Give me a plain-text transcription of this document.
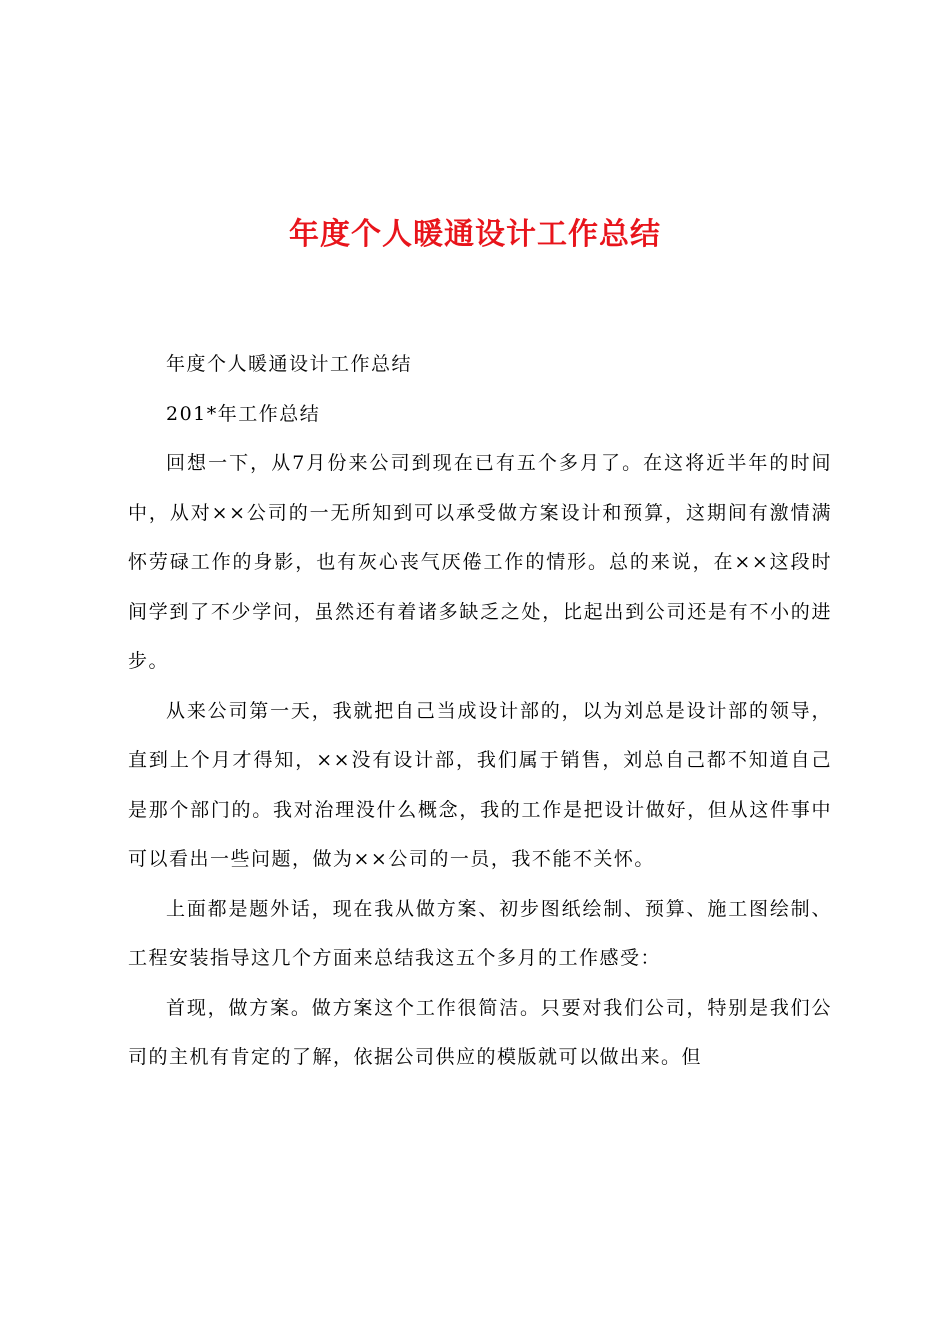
年度个人暖通设计工作总结

年度个人暖通设计工作总结

201*年工作总结

回想一下，从7月份来公司到现在已有五个多月了。在这将近半年的时间中，从对××公司的一无所知到可以承受做方案设计和预算，这期间有激情满怀劳碌工作的身影，也有灰心丧气厌倦工作的情形。总的来说，在××这段时间学到了不少学问，虽然还有着诸多缺乏之处，比起出到公司还是有不小的进步。

从来公司第一天，我就把自己当成设计部的，以为刘总是设计部的领导，直到上个月才得知，××没有设计部，我们属于销售，刘总自己都不知道自己是那个部门的。我对治理没什么概念，我的工作是把设计做好，但从这件事中可以看出一些问题，做为××公司的一员，我不能不关怀。

上面都是题外话，现在我从做方案、初步图纸绘制、预算、施工图绘制、工程安装指导这几个方面来总结我这五个多月的工作感受：

首现，做方案。做方案这个工作很简洁。只要对我们公司，特别是我们公司的主机有肯定的了解，依据公司供应的模版就可以做出来。但
